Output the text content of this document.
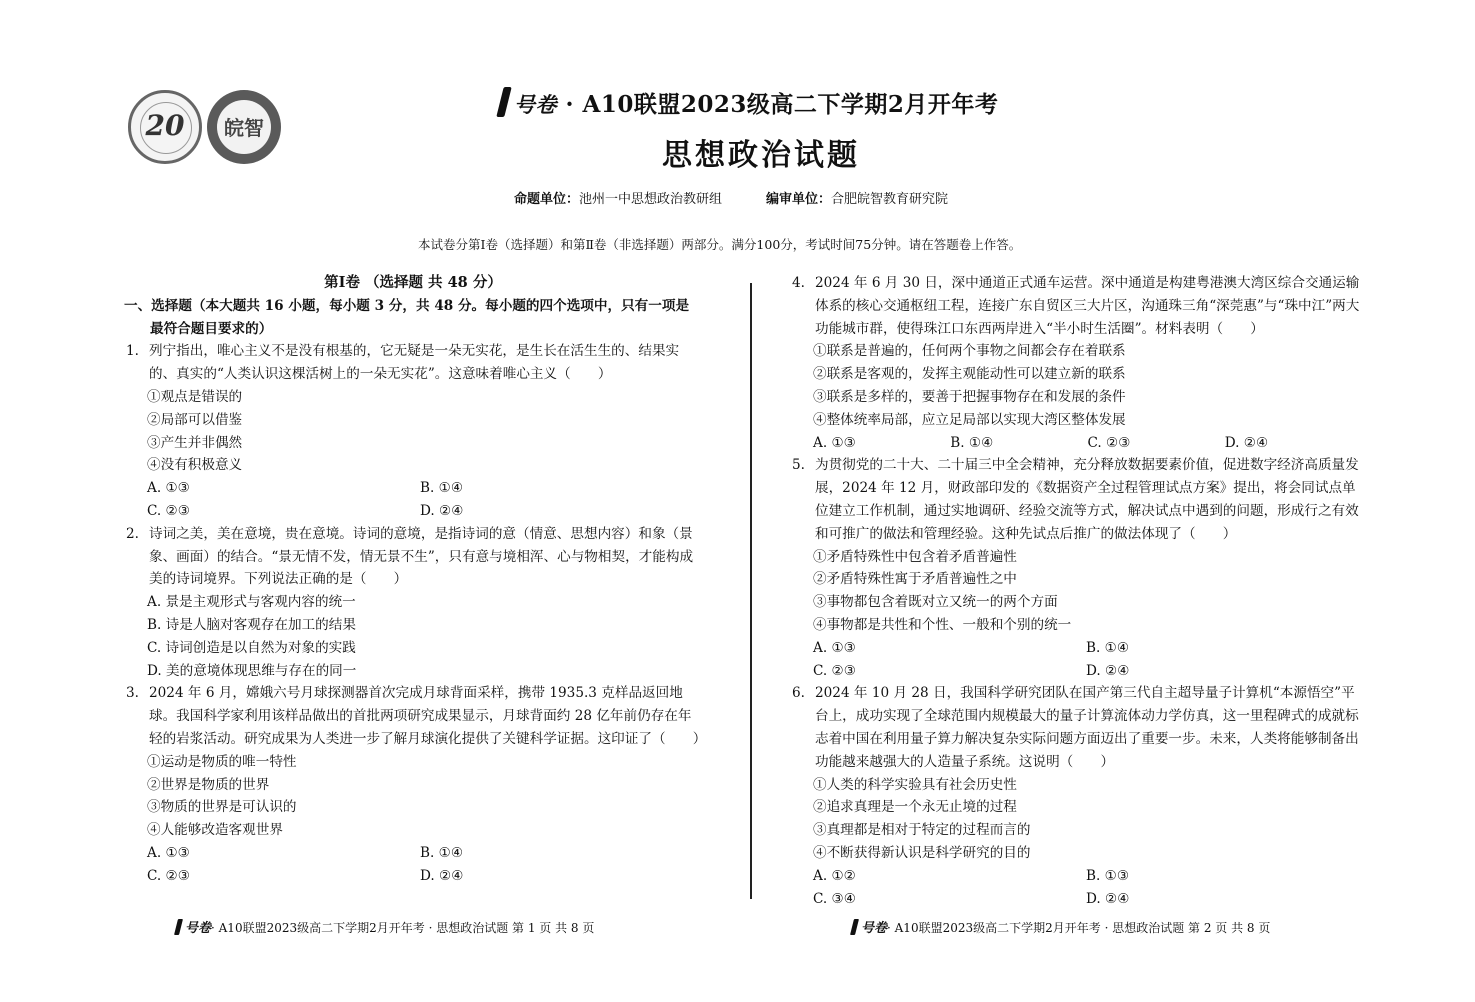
20	皖智
号卷 · A10联盟2023级高二下学期2月开年考
思想政治试题
命题单位：池州一中思想政治教研组	编审单位：合肥皖智教育研究院
本试卷分第Ⅰ卷（选择题）和第Ⅱ卷（非选择题）两部分。满分100分，考试时间75分钟。请在答题卷上作答。
第Ⅰ卷 （选择题 共 48 分）
一、选择题（本大题共 16 小题，每小题 3 分，共 48 分。每小题的四个选项中，只有一项是最符合题目要求的）
1. 列宁指出，唯心主义不是没有根基的，它无疑是一朵无实花，是生长在活生生的、结果实的、真实的“人类认识这棵活树上的一朵无实花”。这意味着唯心主义（　　）
①观点是错误的
②局部可以借鉴
③产生并非偶然
④没有积极意义
A. ①③	B. ①④
C. ②③	D. ②④
2. 诗词之美，美在意境，贵在意境。诗词的意境，是指诗词的意（情意、思想内容）和象（景象、画面）的结合。“景无情不发，情无景不生”，只有意与境相浑、心与物相契，才能构成美的诗词境界。下列说法正确的是（　　）
A. 景是主观形式与客观内容的统一
B. 诗是人脑对客观存在加工的结果
C. 诗词创造是以自然为对象的实践
D. 美的意境体现思维与存在的同一
3. 2024 年 6 月，嫦娥六号月球探测器首次完成月球背面采样，携带 1935.3 克样品返回地球。我国科学家利用该样品做出的首批两项研究成果显示，月球背面约 28 亿年前仍存在年轻的岩浆活动。研究成果为人类进一步了解月球演化提供了关键科学证据。这印证了（　　）
①运动是物质的唯一特性
②世界是物质的世界
③物质的世界是可认识的
④人能够改造客观世界
A. ①③	B. ①④
C. ②③	D. ②④
4. 2024 年 6 月 30 日，深中通道正式通车运营。深中通道是构建粤港澳大湾区综合交通运输体系的核心交通枢纽工程，连接广东自贸区三大片区，沟通珠三角“深莞惠”与“珠中江”两大功能城市群，使得珠江口东西两岸进入“半小时生活圈”。材料表明（　　）
①联系是普遍的，任何两个事物之间都会存在着联系
②联系是客观的，发挥主观能动性可以建立新的联系
③联系是多样的，要善于把握事物存在和发展的条件
④整体统率局部，应立足局部以实现大湾区整体发展
A. ①③	B. ①④	C. ②③	D. ②④
5. 为贯彻党的二十大、二十届三中全会精神，充分释放数据要素价值，促进数字经济高质量发展，2024 年 12 月，财政部印发的《数据资产全过程管理试点方案》提出，将会同试点单位建立工作机制，通过实地调研、经验交流等方式，解决试点中遇到的问题，形成行之有效和可推广的做法和管理经验。这种先试点后推广的做法体现了（　　）
①矛盾特殊性中包含着矛盾普遍性
②矛盾特殊性寓于矛盾普遍性之中
③事物都包含着既对立又统一的两个方面
④事物都是共性和个性、一般和个别的统一
A. ①③	B. ①④
C. ②③	D. ②④
6. 2024 年 10 月 28 日，我国科学研究团队在国产第三代自主超导量子计算机“本源悟空”平台上，成功实现了全球范围内规模最大的量子计算流体动力学仿真，这一里程碑式的成就标志着中国在利用量子算力解决复杂实际问题方面迈出了重要一步。未来，人类将能够制备出功能越来越强大的人造量子系统。这说明（　　）
①人类的科学实验具有社会历史性
②追求真理是一个永无止境的过程
③真理都是相对于特定的过程而言的
④不断获得新认识是科学研究的目的
A. ①②	B. ①③
C. ③④	D. ②④
号卷· A10联盟2023级高二下学期2月开年考 · 思想政治试题 第 1 页 共 8 页	号卷· A10联盟2023级高二下学期2月开年考 · 思想政治试题 第 2 页 共 8 页
